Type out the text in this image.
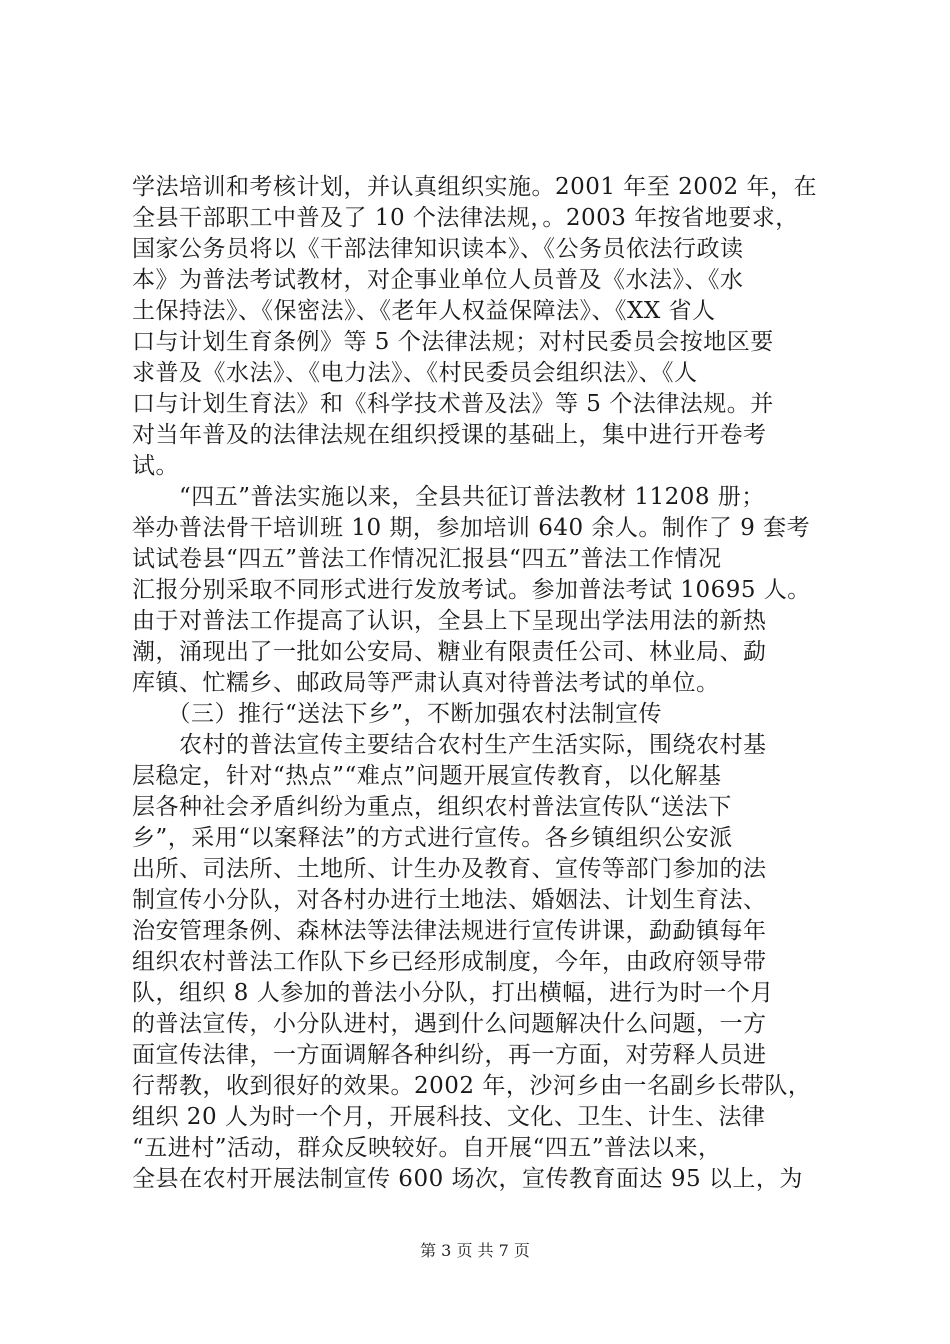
学法培训和考核计划，并认真组织实施。2001 年至 2002 年，在
全县干部职工中普及了 10 个法律法规，。2003 年按省地要求，
国家公务员将以《干部法律知识读本》、《公务员依法行政读
本》为普法考试教材，对企事业单位人员普及《水法》、《水
土保持法》、《保密法》、《老年人权益保障法》、《XX 省人
口与计划生育条例》等 5 个法律法规；对村民委员会按地区要
求普及《水法》、《电力法》、《村民委员会组织法》、《人
口与计划生育法》和《科学技术普及法》等 5 个法律法规。并
对当年普及的法律法规在组织授课的基础上，集中进行开卷考
试。
　　“四五”普法实施以来，全县共征订普法教材 11208 册；
举办普法骨干培训班 10 期，参加培训 640 余人。制作了 9 套考
试试卷县“四五”普法工作情况汇报县“四五”普法工作情况
汇报分别采取不同形式进行发放考试。参加普法考试 10695 人。
由于对普法工作提高了认识，全县上下呈现出学法用法的新热
潮，涌现出了一批如公安局、糖业有限责任公司、林业局、勐
库镇、忙糯乡、邮政局等严肃认真对待普法考试的单位。
　　（三）推行“送法下乡”，不断加强农村法制宣传
　　农村的普法宣传主要结合农村生产生活实际，围绕农村基
层稳定，针对“热点”“难点”问题开展宣传教育，以化解基
层各种社会矛盾纠纷为重点，组织农村普法宣传队“送法下
乡”，采用“以案释法”的方式进行宣传。各乡镇组织公安派
出所、司法所、土地所、计生办及教育、宣传等部门参加的法
制宣传小分队，对各村办进行土地法、婚姻法、计划生育法、
治安管理条例、森林法等法律法规进行宣传讲课，勐勐镇每年
组织农村普法工作队下乡已经形成制度，今年，由政府领导带
队，组织 8 人参加的普法小分队，打出横幅，进行为时一个月
的普法宣传，小分队进村，遇到什么问题解决什么问题，一方
面宣传法律，一方面调解各种纠纷，再一方面，对劳释人员进
行帮教，收到很好的效果。2002 年，沙河乡由一名副乡长带队，
组织 20 人为时一个月，开展科技、文化、卫生、计生、法律
“五进村”活动，群众反映较好。自开展“四五”普法以来，
全县在农村开展法制宣传 600 场次，宣传教育面达 95 以上，为
第 3 页 共 7 页
